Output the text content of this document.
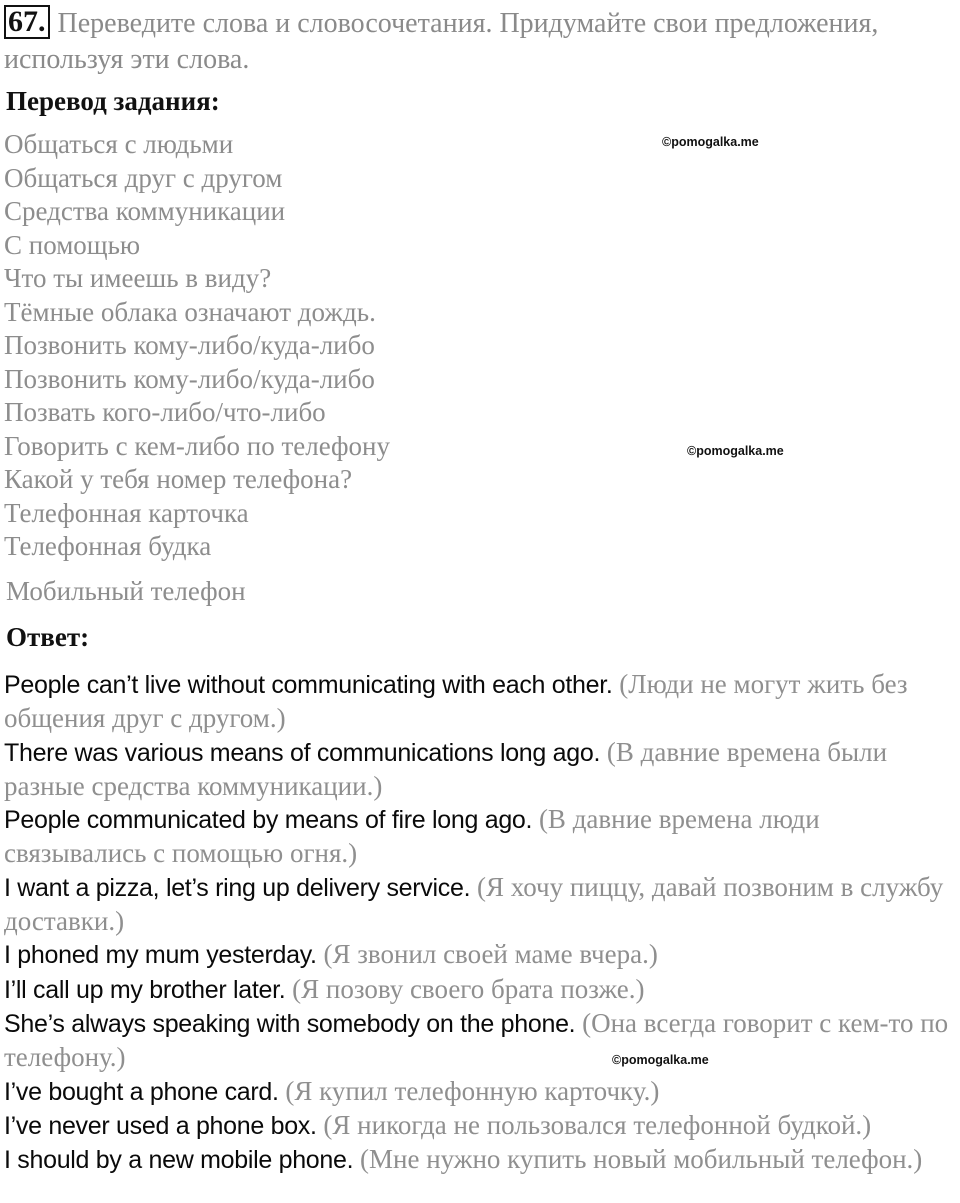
67. Переведите слова и словосочетания. Придумайте свои предложения, используя эти слова.
Перевод задания:
Общаться с людьми
Общаться друг с другом
Средства коммуникации
С помощью
Что ты имеешь в виду?
Тёмные облака означают дождь.
Позвонить кому-либо/куда-либо
Позвонить кому-либо/куда-либо
Позвать кого-либо/что-либо
Говорить с кем-либо по телефону
Какой у тебя номер телефона?
Телефонная карточка
Телефонная будка
Мобильный телефон
Ответ:
People can’t live without communicating with each other. (Люди не могут жить без общения друг с другом.)
There was various means of communications long ago. (В давние времена были разные средства коммуникации.)
People communicated by means of fire long ago. (В давние времена люди связывались с помощью огня.)
I want a pizza, let’s ring up delivery service. (Я хочу пиццу, давай позвоним в службу доставки.)
I phoned my mum yesterday. (Я звонил своей маме вчера.)
I’ll call up my brother later. (Я позову своего брата позже.)
She’s always speaking with somebody on the phone. (Она всегда говорит с кем-то по телефону.)
I’ve bought a phone card. (Я купил телефонную карточку.)
I’ve never used a phone box. (Я никогда не пользовался телефонной будкой.)
I should by a new mobile phone. (Мне нужно купить новый мобильный телефон.)
©pomogalka.me
©pomogalka.me
©pomogalka.me
